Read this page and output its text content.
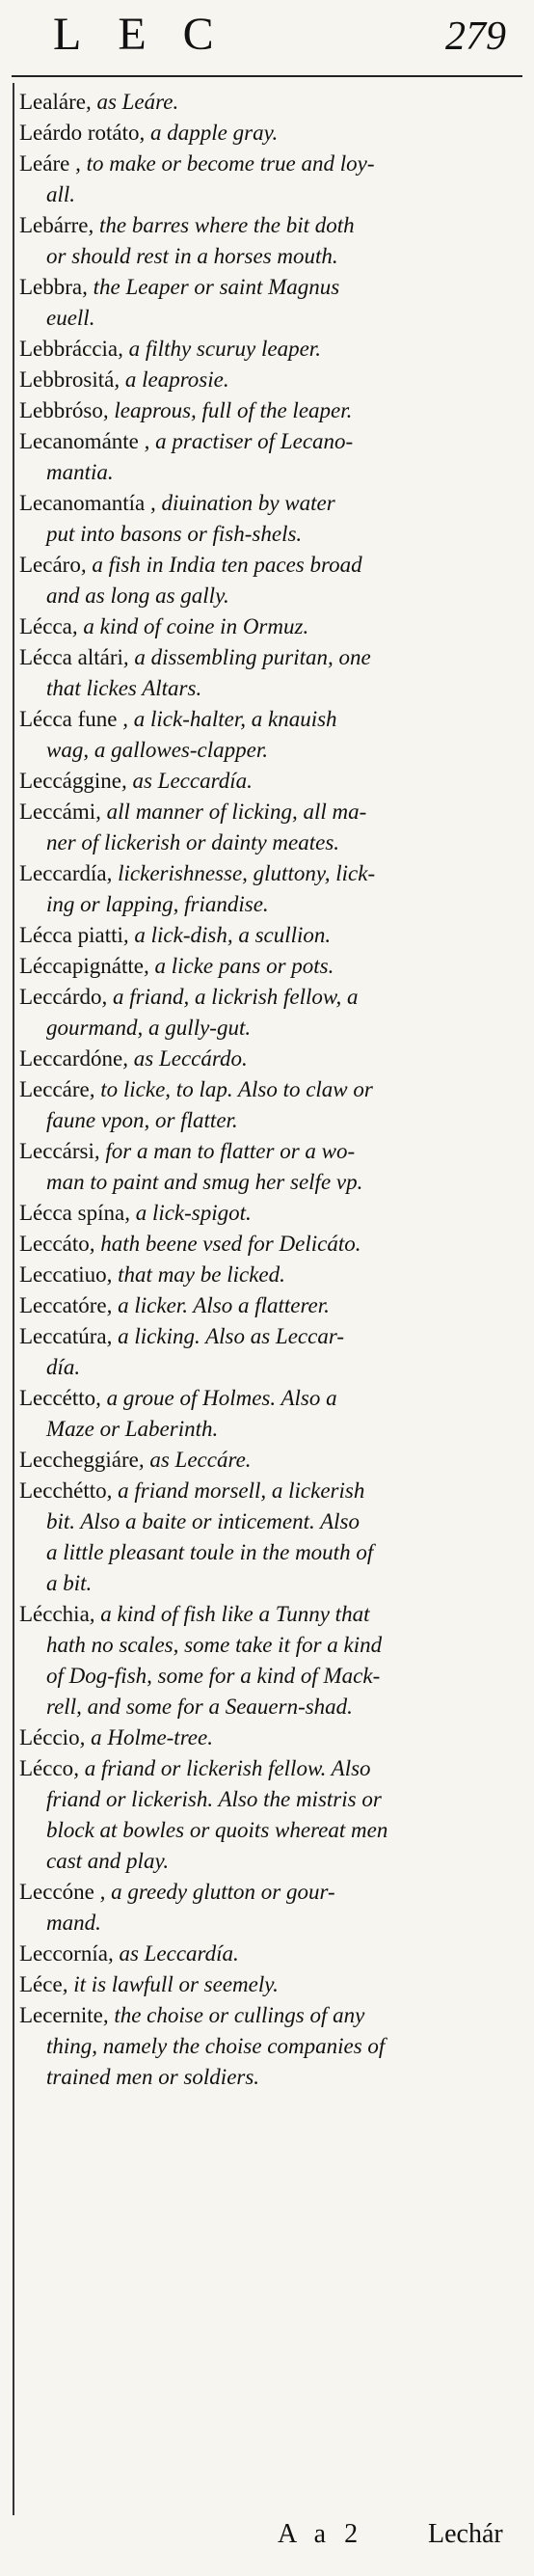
LEC	279
Lealáre, as Leáre.
Leárdo rotáto, a dapple gray.
Leáre , to make or become true and loy-
all.
Lebárre, the barres where the bit doth
or should rest in a horses mouth.
Lebbra, the Leaper or saint Magnus
euell.
Lebbráccia, a filthy scuruy leaper.
Lebbrositá, a leaprosie.
Lebbróso, leaprous, full of the leaper.
Lecanománte , a practiser of Lecano-
mantia.
Lecanomantía , diuination by water
put into basons or fish-shels.
Lecáro, a fish in India ten paces broad
and as long as gally.
Lécca, a kind of coine in Ormuz.
Lécca altári, a dissembling puritan, one
that lickes Altars.
Lécca fune , a lick-halter, a knauish
wag, a gallowes-clapper.
Leccággine, as Leccardía.
Leccámi, all manner of licking, all ma-
ner of lickerish or dainty meates.
Leccardía, lickerishnesse, gluttony, lick-
ing or lapping, friandise.
Lécca piatti, a lick-dish, a scullion.
Léccapignátte, a licke pans or pots.
Leccárdo, a friand, a lickrish fellow, a
gourmand, a gully-gut.
Leccardóne, as Leccárdo.
Leccáre, to licke, to lap. Also to claw or
faune vpon, or flatter.
Leccársi, for a man to flatter or a wo-
man to paint and smug her selfe vp.
Lécca spína, a lick-spigot.
Leccáto, hath beene vsed for Delicáto.
Leccatiuo, that may be licked.
Leccatóre, a licker. Also a flatterer.
Leccatúra, a licking. Also as Leccar-
día.
Leccétto, a groue of Holmes. Also a
Maze or Laberinth.
Leccheggiáre, as Leccáre.
Lecchétto, a friand morsell, a lickerish
bit. Also a baite or inticement. Also
a little pleasant toule in the mouth of
a bit.
Lécchia, a kind of fish like a Tunny that
hath no scales, some take it for a kind
of Dog-fish, some for a kind of Mack-
rell, and some for a Seauern-shad.
Léccio, a Holme-tree.
Lécco, a friand or lickerish fellow. Also
friand or lickerish. Also the mistris or
block at bowles or quoits whereat men
cast and play.
Leccóne , a greedy glutton or gour-
mand.
Leccornía, as Leccardía.
Léce, it is lawfull or seemely.
Lecernite, the choise or cullings of any
thing, namely the choise companies of
trained men or soldiers.
A a 2 Lechár
